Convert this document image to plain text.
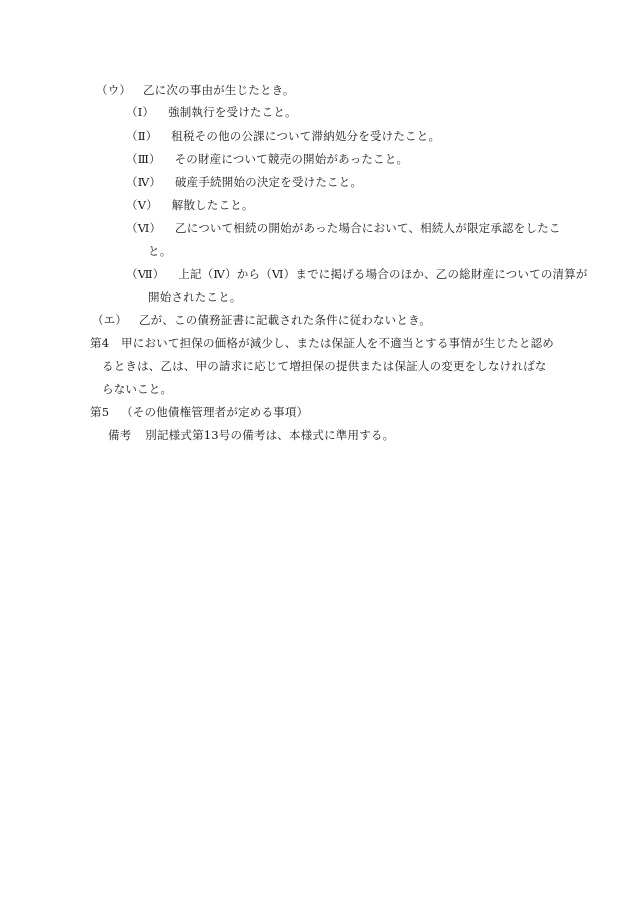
（ウ） 乙に次の事由が生じたとき。
（Ⅰ） 強制執行を受けたこと。
（Ⅱ） 租税その他の公課について滞納処分を受けたこと。
（Ⅲ） その財産について競売の開始があったこと。
（Ⅳ） 破産手続開始の決定を受けたこと。
（Ⅴ） 解散したこと。
（Ⅵ） 乙について相続の開始があった場合において、相続人が限定承認をしたこ
と。
（Ⅶ） 上記（Ⅳ）から（Ⅵ）までに掲げる場合のほか、乙の総財産についての清算が
開始されたこと。
（エ） 乙が、この債務証書に記載された条件に従わないとき。
第4 甲において担保の価格が減少し、または保証人を不適当とする事情が生じたと認め
るときは、乙は、甲の請求に応じて増担保の提供または保証人の変更をしなければな
らないこと。
第5 （その他債権管理者が定める事項）
備考 別記様式第13号の備考は、本様式に準用する。
